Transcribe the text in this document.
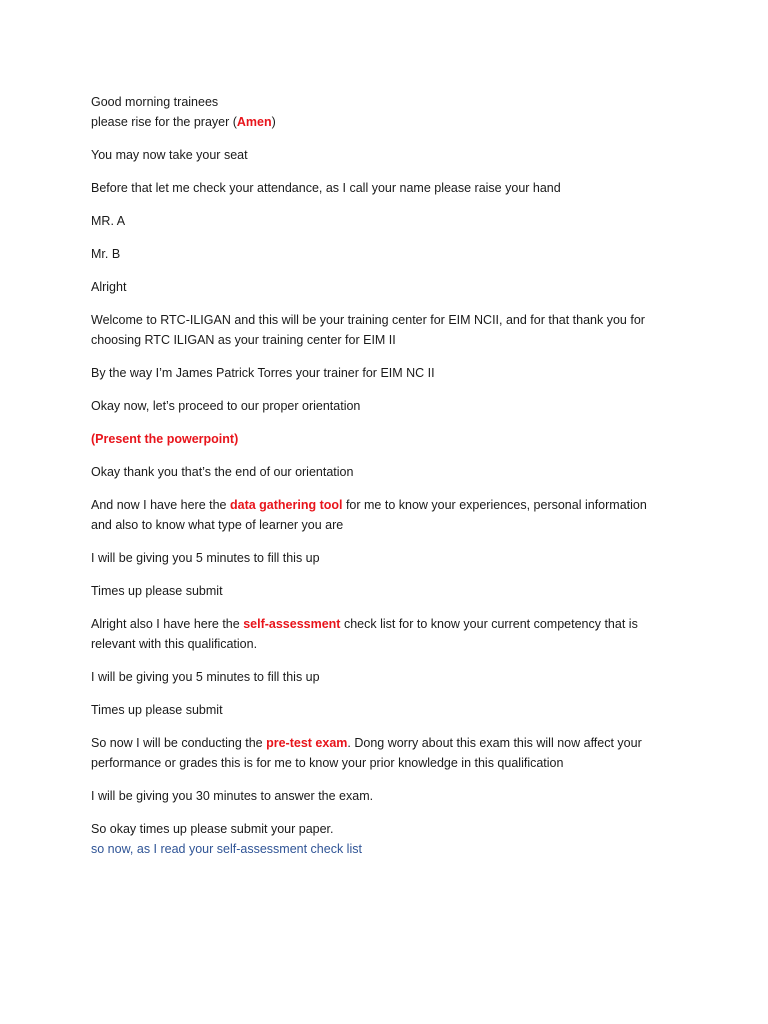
Good morning trainees

please rise for the prayer (Amen)

You may now take your seat

Before that let me check your attendance, as I call your name please raise your hand

MR. A

Mr. B

Alright

Welcome to RTC-ILIGAN and this will be your training center for EIM NCII, and for that thank you for choosing RTC ILIGAN as your training center for EIM II

By the way I’m James Patrick Torres your trainer for EIM NC II

Okay now, let’s proceed to our proper orientation

(Present the powerpoint)

Okay thank you that’s the end of our orientation

And now I have here the data gathering tool for me to know your experiences, personal information and also to know what type of learner you are

I will be giving you 5 minutes to fill this up

Times up please submit

Alright also I have here the self-assessment check list for to know your current competency that is relevant with this qualification.

I will be giving you 5 minutes to fill this up

Times up please submit

So now I will be conducting the pre-test exam. Dong worry about this exam this will now affect your performance or grades this is for me to know your prior knowledge in this qualification

I will be giving you 30 minutes to answer the exam.

So okay times up please submit your paper.

so now, as I read your self-assessment check list
